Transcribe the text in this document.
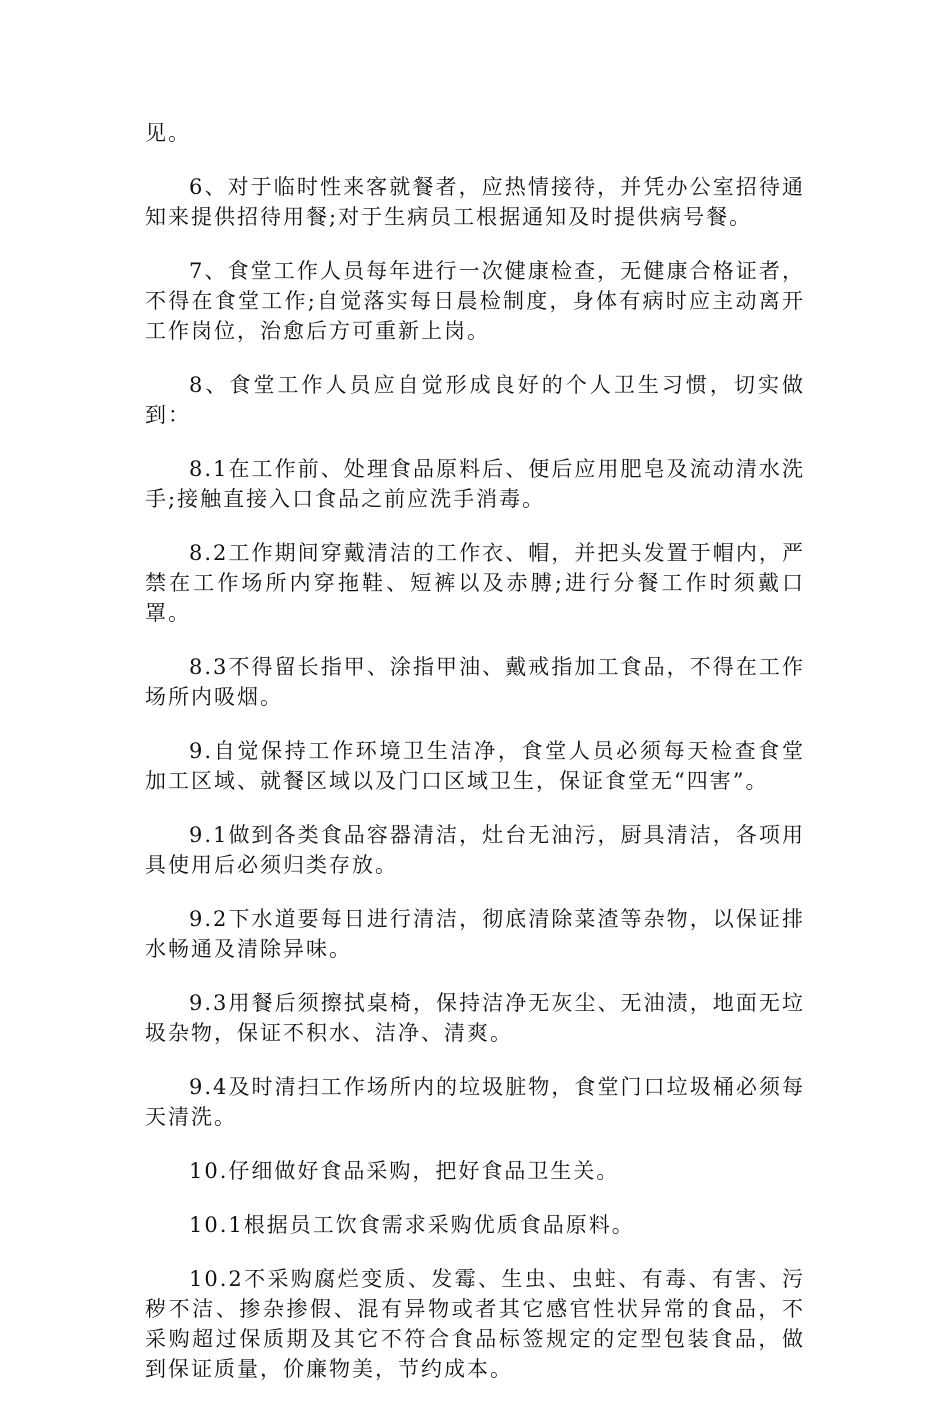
见。

6、对于临时性来客就餐者，应热情接待，并凭办公室招待通知来提供招待用餐;对于生病员工根据通知及时提供病号餐。

7、食堂工作人员每年进行一次健康检查，无健康合格证者，不得在食堂工作;自觉落实每日晨检制度，身体有病时应主动离开工作岗位，治愈后方可重新上岗。

8、食堂工作人员应自觉形成良好的个人卫生习惯，切实做到：

8.1在工作前、处理食品原料后、便后应用肥皂及流动清水洗手;接触直接入口食品之前应洗手消毒。

8.2工作期间穿戴清洁的工作衣、帽，并把头发置于帽内，严禁在工作场所内穿拖鞋、短裤以及赤膊;进行分餐工作时须戴口罩。

8.3不得留长指甲、涂指甲油、戴戒指加工食品，不得在工作场所内吸烟。

9.自觉保持工作环境卫生洁净，食堂人员必须每天检查食堂加工区域、就餐区域以及门口区域卫生，保证食堂无“四害”。

9.1做到各类食品容器清洁，灶台无油污，厨具清洁，各项用具使用后必须归类存放。

9.2下水道要每日进行清洁，彻底清除菜渣等杂物，以保证排水畅通及清除异味。

9.3用餐后须擦拭桌椅，保持洁净无灰尘、无油渍，地面无垃圾杂物，保证不积水、洁净、清爽。

9.4及时清扫工作场所内的垃圾脏物，食堂门口垃圾桶必须每天清洗。

10.仔细做好食品采购，把好食品卫生关。

10.1根据员工饮食需求采购优质食品原料。

10.2不采购腐烂变质、发霉、生虫、虫蛀、有毒、有害、污秽不洁、掺杂掺假、混有异物或者其它感官性状异常的食品，不采购超过保质期及其它不符合食品标签规定的定型包装食品，做到保证质量，价廉物美，节约成本。
